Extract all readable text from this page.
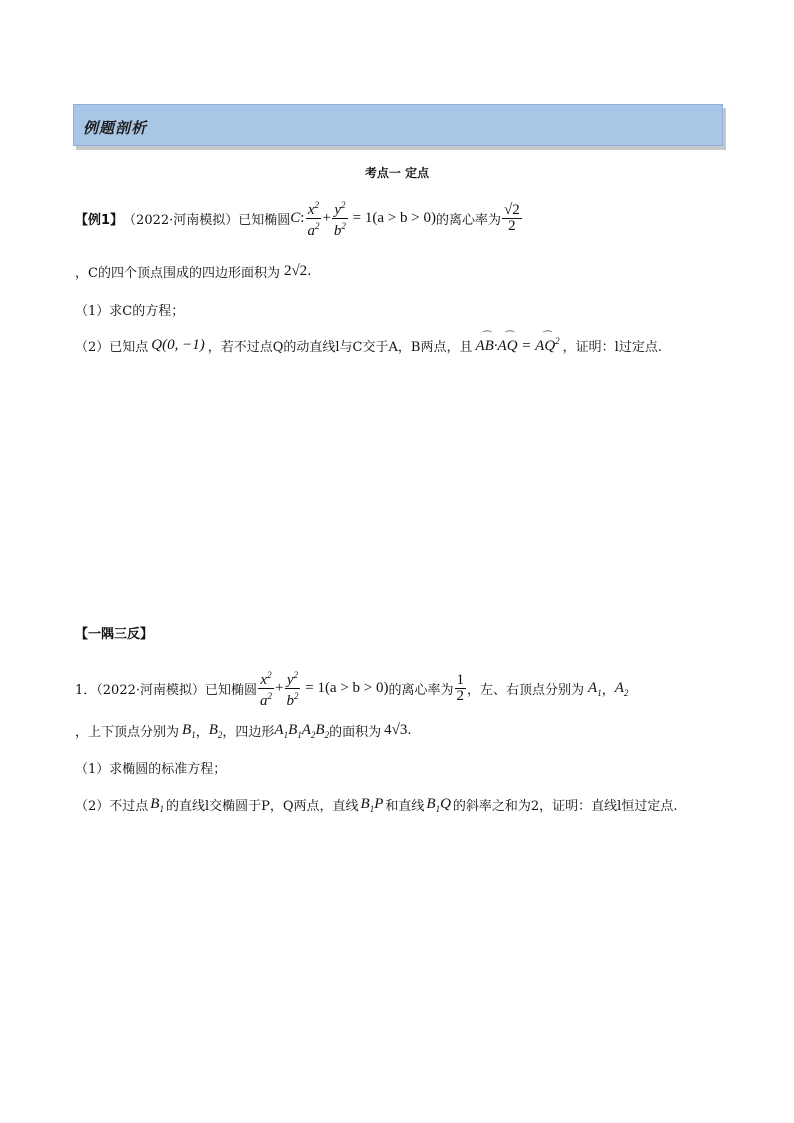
例题剖析
考点一 定点
【例1】 （2022·河南模拟）已知椭圆 C : $\frac{x^2}{a^2} + \frac{y^2}{b^2} = 1(a > b > 0)$ 的离心率为 $\frac{√2}{2}$
，C的四个顶点围成的四边形面积为 2√2 .
（1）求C的方程；
（2）已知点 Q(0, −1) ，若不过点Q的动直线l与C交于A，B两点，且 ⌒ AB·⌒ AQ = ⌒ $AQ^2$ ，证明：l过定点.
【一隅三反】
1．（2022·河南模拟）已知椭圆 $\frac{x^2}{a^2} + \frac{y^2}{b^2} = 1(a > b > 0)$ 的离心率为 $\frac{1}{2}$ ，左、右顶点分别为 $A_1$ ， $A_2$
，上下顶点分别为 $B_1$ ， $B_2$ ，四边形 $A_1B_1A_2B_2$ 的面积为 4√3 .
（1）求椭圆的标准方程；
（2）不过点 $B_1$ 的直线l交椭圆于P，Q两点，直线 $B_1P$ 和直线 $B_1Q$ 的斜率之和为2，证明：直线l恒过定点.
